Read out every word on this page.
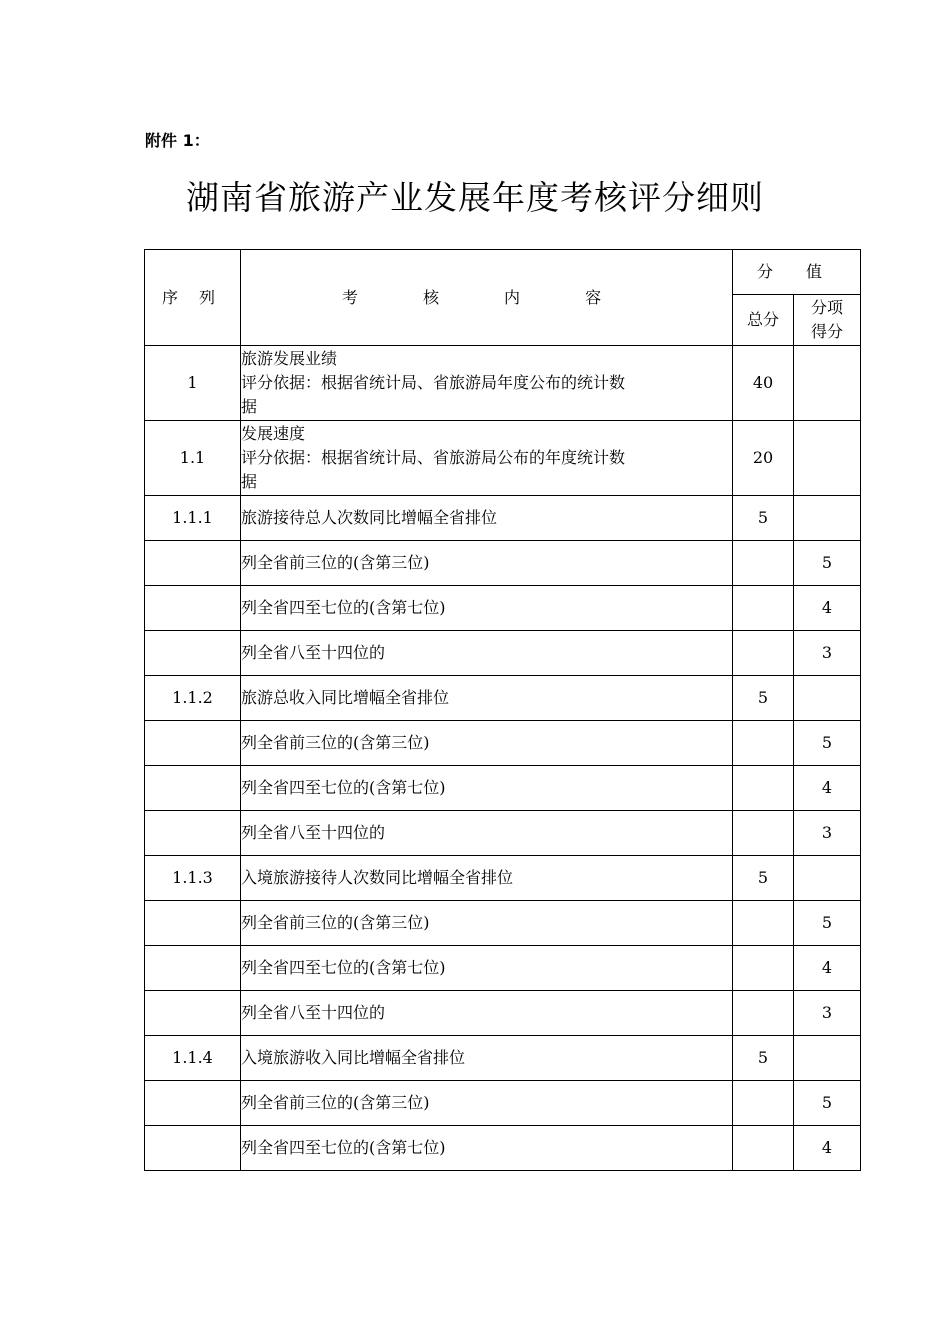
附件 1：
湖南省旅游产业发展年度考核评分细则
序 列	考 核 内 容	分 值	
		总分	分项
得分

1	旅游发展业绩
评分依据：根据省统计局、省旅游局年度公布的统计数
据	40	
1.1	发展速度
评分依据：根据省统计局、省旅游局公布的年度统计数
据	20	
1.1.1	旅游接待总人次数同比增幅全省排位	5	
	列全省前三位的(含第三位)		5
	列全省四至七位的(含第七位)		4
	列全省八至十四位的		3
1.1.2	旅游总收入同比增幅全省排位	5	
	列全省前三位的(含第三位)		5
	列全省四至七位的(含第七位)		4
	列全省八至十四位的		3
1.1.3	入境旅游接待人次数同比增幅全省排位	5	
	列全省前三位的(含第三位)		5
	列全省四至七位的(含第七位)		4
	列全省八至十四位的		3
1.1.4	入境旅游收入同比增幅全省排位	5	
	列全省前三位的(含第三位)		5
	列全省四至七位的(含第七位)		4
